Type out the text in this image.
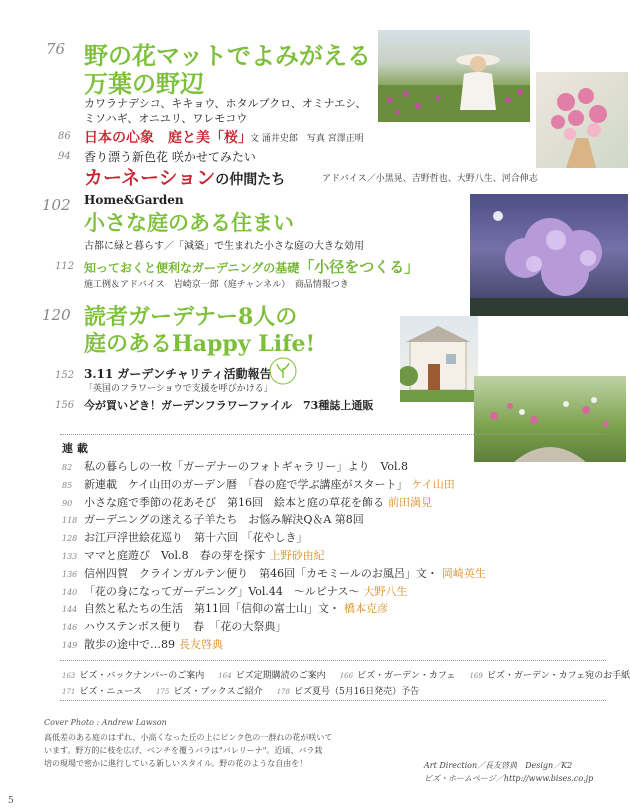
76 野の花マットでよみがえる
万葉の野辺
カワラナデシコ、キキョウ、ホタルブクロ、オミナエシ、
ミソハギ、オニユリ、ワレモコウ
86 日本の心象　庭と美「桜」
文 涌井史郎　写真 宮澤正明
94 香り漂う新色花 咲かせてみたい
カーネーションの仲間たち	アドバイス／小黒晃、吉野哲也、大野八生、河合伸志
102 Home&Garden
小さな庭のある住まい
古都に緑と暮らす／「減築」で生まれた小さな庭の大きな効用
112 知っておくと便利なガーデニングの基礎「小径をつくる」
施工例＆アドバイス　岩崎京一郎（庭チャンネル）　商品情報つき
120 読者ガーデナー8人の
庭のあるHappy Life!
152 3.11 ガーデンチャリティ活動報告
「英国のフラワーショウで支援を呼びかける」
156 今が買いどき！ガーデンフラワーファイル　73種誌上通販
連 載
82 私の暮らしの一枚「ガーデナーのフォトギャラリー」より　Vol.8
85 新連載　ケイ山田のガーデン暦　「春の庭で学ぶ講座がスタート」 ケイ山田
90 小さな庭で季節の花あそび　第16回　絵本と庭の草花を飾る 前田満見
118 ガーデニングの迷える子羊たち　お悩み解決Q＆A 第8回
128 お江戸浮世絵花巡り　第十六回 「花やしき」
133 ママと庭遊び　Vol.8　春の芽を探す 上野砂由紀
136 信州四賀　クラインガルテン便り　第46回「カモミールのお風呂」文・ 岡崎英生
140 「花の身になってガーデニング」Vol.44　～ルピナス～ 大野八生
144 自然と私たちの生活　第11回「信仰の富士山」文・ 橋本克彦
146 ハウステンボス便り　春　「花の大祭典」
149 散歩の途中で…89 長友啓典
163 ビズ・バックナンバーのご案内 164 ビズ定期購読のご案内 166 ビズ・ガーデン・カフェ 169 ビズ・ガーデン・カフェ宛のお手紙
171 ビズ・ニュース 175 ビズ・ブックスご紹介 178 ビズ夏号（5月16日発売）予告
Cover Photo : Andrew Lawson
高低差のある庭のはずれ、小高くなった丘の上にピンク色の一群れの花が咲いて
います。野方的に枝を広げ、ベンチを覆うバラは"バレリーナ"。近頃、バラ栽
培の現場で密かに進行している新しいスタイル。野の花のような自由を！	Art Direction／長友啓典　Design／K2
ビズ・ホームページ／http://www.bises.co.jp
5
